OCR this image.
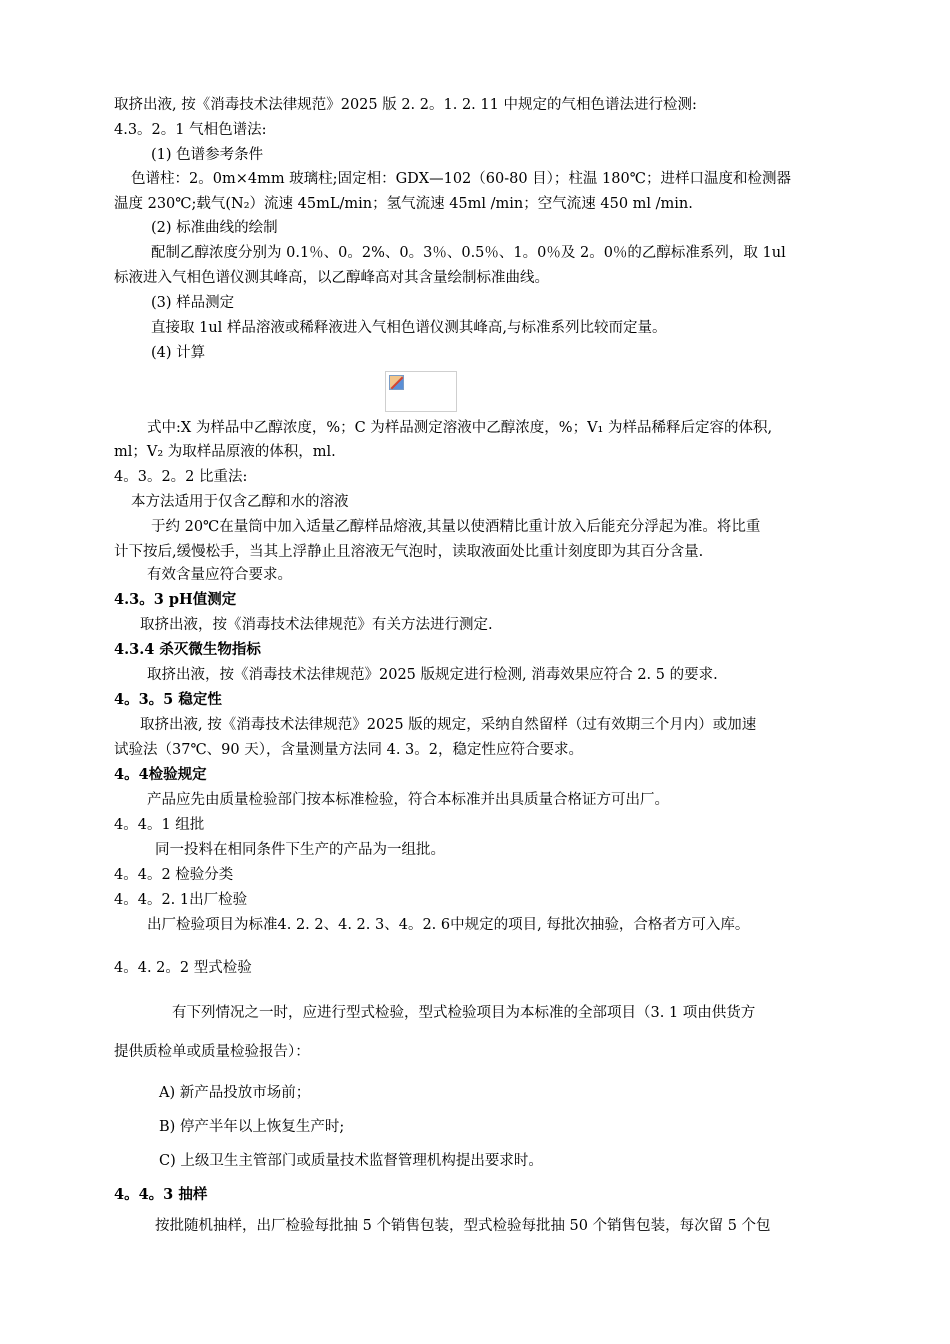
取挤出液, 按《消毒技术法律规范》2025 版 2. 2。1. 2. 11 中规定的气相色谱法进行检测:
4.3。2。1 气相色谱法:
(1) 色谱参考条件
色谱柱：2。0m×4mm 玻璃柱;固定相：GDX—102（60-80 目）；柱温 180℃；进样口温度和检测器
温度 230℃;载气(N₂）流速 45mL/min；氢气流速 45ml /min；空气流速 450 ml /min.
(2) 标准曲线的绘制
配制乙醇浓度分别为 0.1％、0。2%、0。3％、0.5％、1。0％及 2。0％的乙醇标准系列，取 1ul
标液进入气相色谱仪测其峰高，以乙醇峰高对其含量绘制标准曲线。
(3) 样品测定
直接取 1ul 样品溶液或稀释液进入气相色谱仪测其峰高,与标准系列比较而定量。
(4) 计算
式中:X 为样品中乙醇浓度，%；C 为样品测定溶液中乙醇浓度，%；V₁ 为样品稀释后定容的体积,
ml；V₂ 为取样品原液的体积，ml.
4。3。2。2 比重法:
本方法适用于仅含乙醇和水的溶液
于约 20℃在量筒中加入适量乙醇样品熔液,其量以使酒精比重计放入后能充分浮起为准。将比重
计下按后,缓慢松手，当其上浮静止且溶液无气泡时，读取液面处比重计刻度即为其百分含量.
有效含量应符合要求。
4.3。3 pH值测定
取挤出液，按《消毒技术法律规范》有关方法进行测定.
4.3.4 杀灭微生物指标
取挤出液，按《消毒技术法律规范》2025 版规定进行检测, 消毒效果应符合 2. 5 的要求.
4。3。5 稳定性
取挤出液, 按《消毒技术法律规范》2025 版的规定，采纳自然留样（过有效期三个月内）或加速
试验法（37℃、90 天），含量测量方法同 4. 3。2，稳定性应符合要求。
4。4检验规定
产品应先由质量检验部门按本标准检验，符合本标准并出具质量合格证方可出厂。
4。4。1 组批
同一投料在相同条件下生产的产品为一组批。
4。4。2 检验分类
4。4。2. 1出厂检验
出厂检验项目为标准4. 2. 2、4. 2. 3、4。2. 6中规定的项目, 每批次抽验，合格者方可入库。
4。4. 2。2 型式检验
有下列情况之一时，应进行型式检验，型式检验项目为本标准的全部项目（3. 1 项由供货方
提供质检单或质量检验报告）：
A) 新产品投放市场前；
B) 停产半年以上恢复生产时;
C) 上级卫生主管部门或质量技术监督管理机构提出要求时。
4。4。3 抽样
按批随机抽样，出厂检验每批抽 5 个销售包装，型式检验每批抽 50 个销售包装，每次留 5 个包
